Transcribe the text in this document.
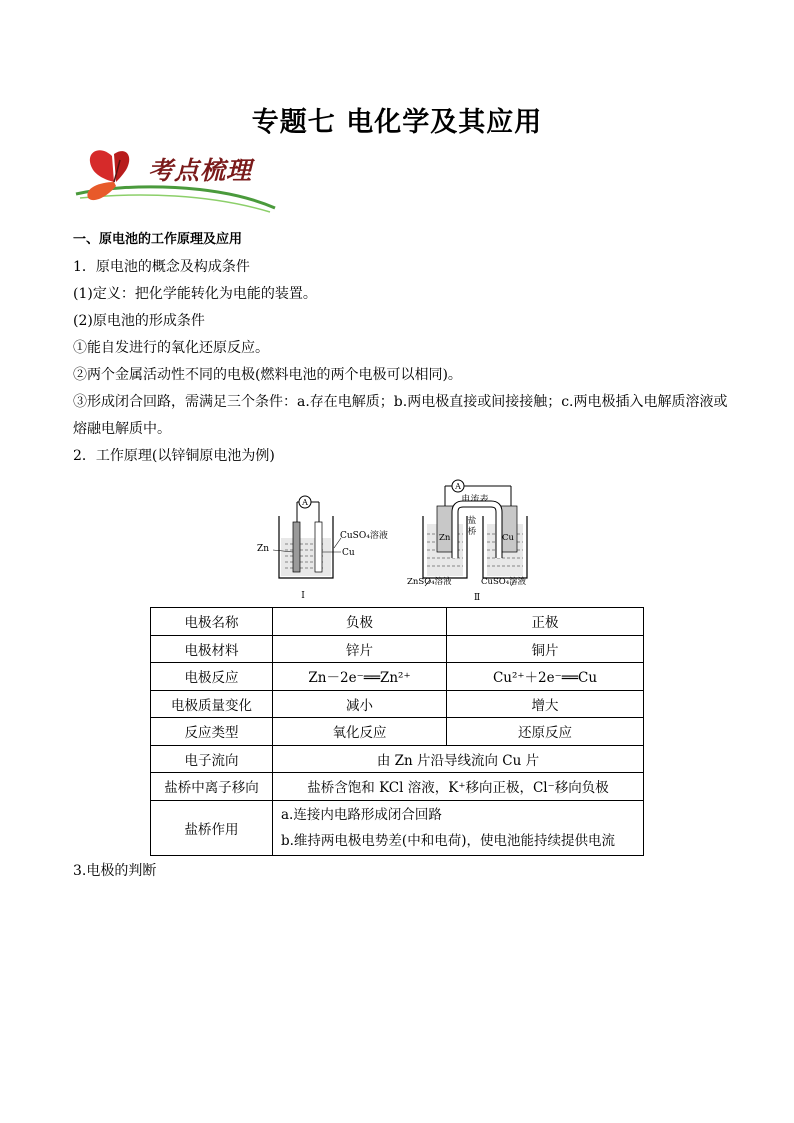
专题七 电化学及其应用
考点梳理
一、原电池的工作原理及应用
1．原电池的概念及构成条件
(1)定义：把化学能转化为电能的装置。
(2)原电池的形成条件
①能自发进行的氧化还原反应。
②两个金属活动性不同的电极(燃料电池的两个电极可以相同)。
③形成闭合回路，需满足三个条件：a.存在电解质；b.两电极直接或间接接触；c.两电极插入电解质溶液或
熔融电解质中。
2．工作原理(以锌铜原电池为例)
A
CuSO₄溶液
Cu
Zn
Ⅰ
A
电流表
Zn	Cu
盐
桥
ZnSO₄溶液	CuSO₄溶液
Ⅱ
电极名称	负极	正极
电极材料	锌片	铜片
电极反应	Zn－2e⁻══Zn²⁺	Cu²⁺＋2e⁻══Cu
电极质量变化	减小	增大
反应类型	氧化反应	还原反应
电子流向	由 Zn 片沿导线流向 Cu 片	
盐桥中离子移向	盐桥含饱和 KCl 溶液，K⁺移向正极，Cl⁻移向负极	
盐桥作用	a.连接内电路形成闭合回路
b.维持两电极电势差(中和电荷)，使电池能持续提供电流	
3.电极的判断
